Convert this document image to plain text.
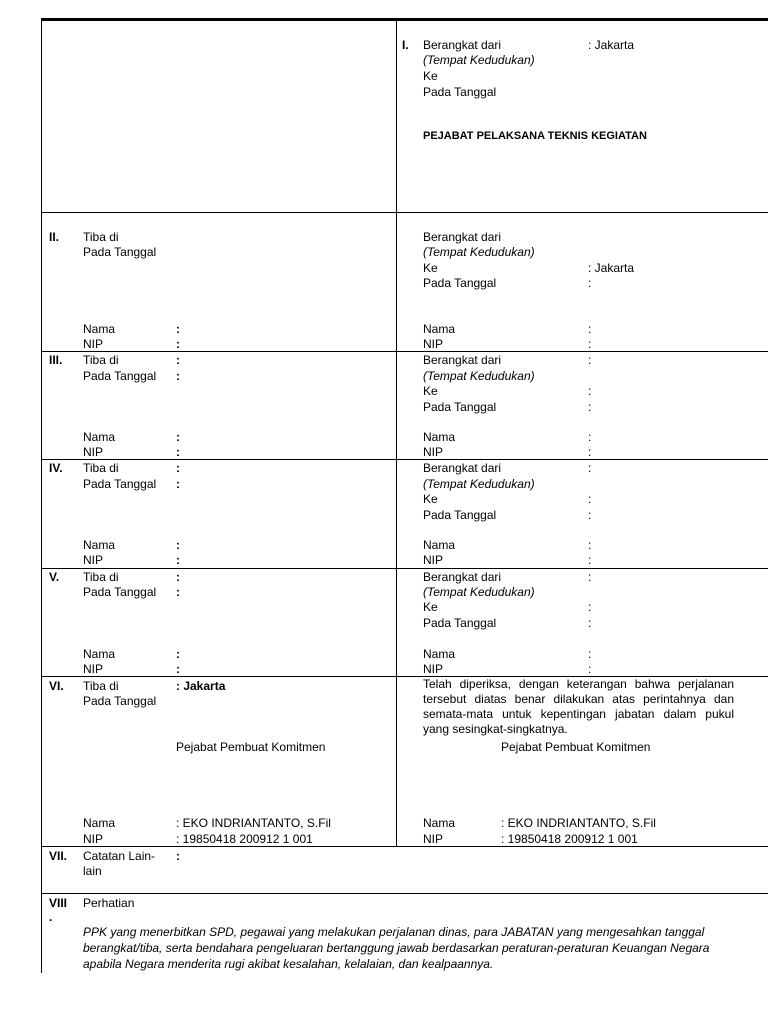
I. Berangkat dari	: Jakarta
(Tempat Kedudukan)
Ke
Pada Tanggal
PEJABAT PELAKSANA TEKNIS KEGIATAN
II. Tiba di
Pada Tanggal
Nama	:
NIP	:
Berangkat dari
(Tempat Kedudukan)
Ke	: Jakarta
Pada Tanggal	:
Nama	:
NIP	:
III. Tiba di	:
Pada Tanggal :
Nama	:
NIP	:
Berangkat dari	:
(Tempat Kedudukan)
Ke	:
Pada Tanggal	:
Nama	:
NIP	:
IV. Tiba di	:
Pada Tanggal :
Nama	:
NIP	:
Berangkat dari	:
(Tempat Kedudukan)
Ke	:
Pada Tanggal	:
Nama	:
NIP	:
V. Tiba di	:
Pada Tanggal :
Nama	:
NIP	:
Berangkat dari	:
(Tempat Kedudukan)
Ke	:
Pada Tanggal	:
Nama	:
NIP	:
VI. Tiba di	: Jakarta
Pada Tanggal
Pejabat Pembuat Komitmen
Nama	: EKO INDRIANTANTO, S.Fil
NIP	: 19850418 200912 1 001
Telah diperiksa, dengan keterangan bahwa perjalanan tersebut diatas benar dilakukan atas perintahnya dan semata-mata untuk kepentingan jabatan dalam pukul yang sesingkat-singkatnya.
Pejabat Pembuat Komitmen
Nama	: EKO INDRIANTANTO, S.Fil
NIP	: 19850418 200912 1 001
VII. Catatan Lain-
lain
:
VIII
.
Perhatian
PPK yang menerbitkan SPD, pegawai yang melakukan perjalanan dinas, para JABATAN yang mengesahkan tanggal berangkat/tiba, serta bendahara pengeluaran bertanggung jawab berdasarkan peraturan-peraturan Keuangan Negara apabila Negara menderita rugi akibat kesalahan, kelalaian, dan kealpaannya.
